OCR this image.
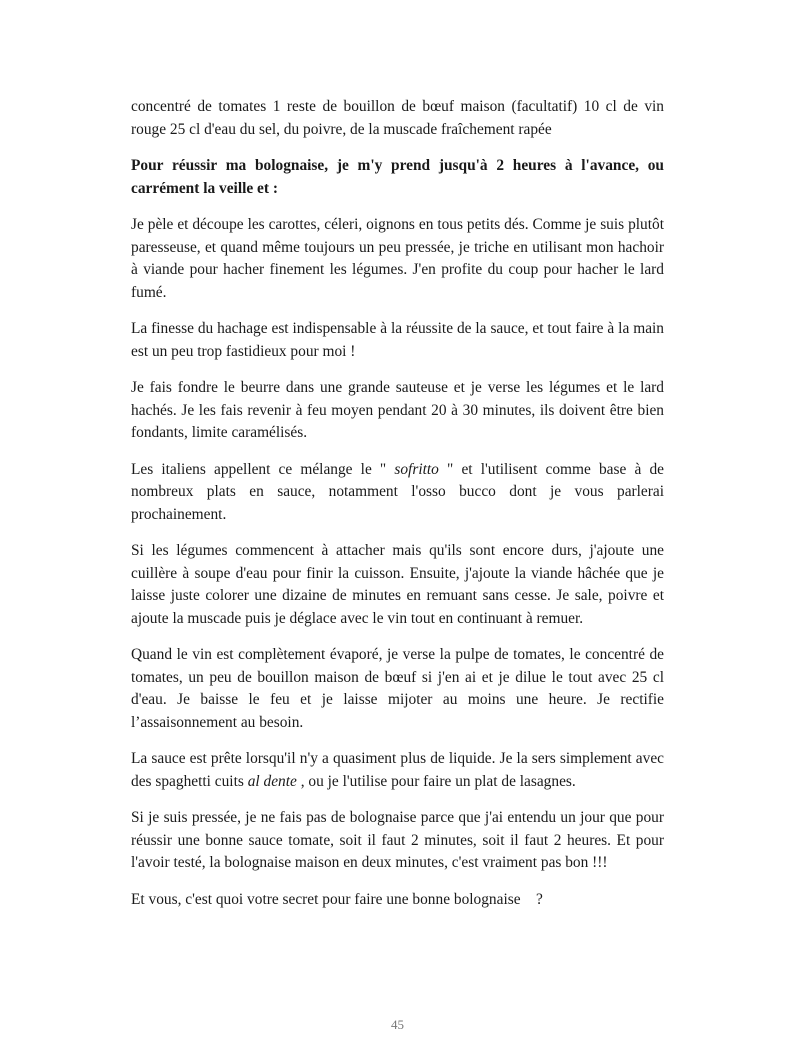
concentré de tomates 1 reste de bouillon de bœuf maison (facultatif) 10 cl de vin rouge 25 cl d'eau du sel, du poivre, de la muscade fraîchement rapée

Pour réussir ma bolognaise, je m'y prend jusqu'à 2 heures à l'avance, ou carrément la veille et :

Je pèle et découpe les carottes, céleri, oignons en tous petits dés. Comme je suis plutôt paresseuse, et quand même toujours un peu pressée, je triche en utilisant mon hachoir à viande pour hacher finement les légumes. J'en profite du coup pour hacher le lard fumé.

La finesse du hachage est indispensable à la réussite de la sauce, et tout faire à la main est un peu trop fastidieux pour moi !

Je fais fondre le beurre dans une grande sauteuse et je verse les légumes et le lard hachés. Je les fais revenir à feu moyen pendant 20 à 30 minutes, ils doivent être bien fondants, limite caramélisés.

Les italiens appellent ce mélange le " sofritto " et l'utilisent comme base à de nombreux plats en sauce, notamment l'osso bucco dont je vous parlerai prochainement.

Si les légumes commencent à attacher mais qu'ils sont encore durs, j'ajoute une cuillère à soupe d'eau pour finir la cuisson. Ensuite, j'ajoute la viande hâchée que je laisse juste colorer une dizaine de minutes en remuant sans cesse. Je sale, poivre et ajoute la muscade puis je déglace avec le vin tout en continuant à remuer.

Quand le vin est complètement évaporé, je verse la pulpe de tomates, le concentré de tomates, un peu de bouillon maison de bœuf si j'en ai et je dilue le tout avec 25 cl d'eau. Je baisse le feu et je laisse mijoter au moins une heure. Je rectifie l’assaisonnement au besoin.

La sauce est prête lorsqu'il n'y a quasiment plus de liquide. Je la sers simplement avec des spaghetti cuits al dente , ou je l'utilise pour faire un plat de lasagnes.

Si je suis pressée, je ne fais pas de bolognaise parce que j'ai entendu un jour que pour réussir une bonne sauce tomate, soit il faut 2 minutes, soit il faut 2 heures. Et pour l'avoir testé, la bolognaise maison en deux minutes, c'est vraiment pas bon !!!

Et vous, c'est quoi votre secret pour faire une bonne bolognaise    ?

45
